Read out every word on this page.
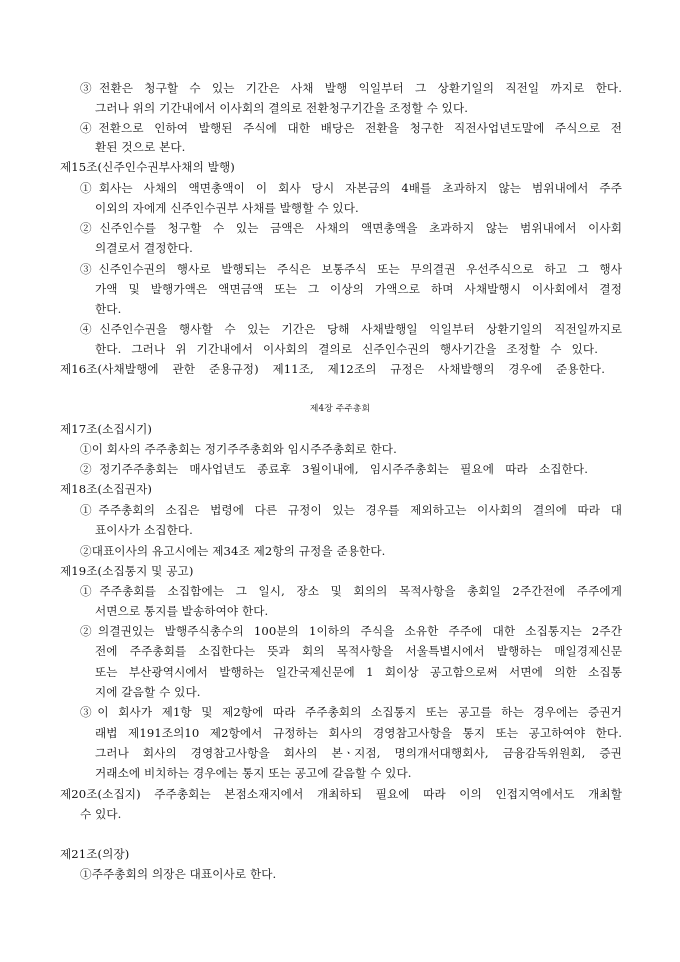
③전환은 청구할 수 있는 기간은 사채 발행 익일부터 그 상환기일의 직전일 까지로 한다.
그러나 위의 기간내에서 이사회의 결의로 전환청구기간을 조정할 수 있다.
④전환으로 인하여 발행된 주식에 대한 배당은 전환을 청구한 직전사업년도말에 주식으로 전
환된 것으로 본다.
제15조(신주인수권부사채의 발행)
①회사는 사채의 액면총액이 이 회사 당시 자본금의 4배를 초과하지 않는 범위내에서 주주
이외의 자에게 신주인수권부 사채를 발행할 수 있다.
②신주인수를 청구할 수 있는 금액은 사채의 액면총액을 초과하지 않는 범위내에서 이사회
의결로서 결정한다.
③신주인수권의 행사로 발행되는 주식은 보통주식 또는 무의결권 우선주식으로 하고 그 행사
가액 및 발행가액은 액면금액 또는 그 이상의 가액으로 하며 사채발행시 이사회에서 결정
한다.
④신주인수권을 행사할 수 있는 기간은 당해 사채발행일 익일부터 상환기일의 직전일까지로
한다. 그러나 위 기간내에서 이사회의 결의로 신주인수권의 행사기간을 조정할 수 있다.
제16조(사채발행에 관한 준용규정) 제11조, 제12조의 규정은 사채발행의 경우에 준용한다.
제4장 주주총회
제17조(소집시기)
①이 회사의 주주총회는 정기주주총회와 임시주주총회로 한다.
②정기주주총회는 매사업년도 종료후 3월이내에, 임시주주총회는 필요에 따라 소집한다.
제18조(소집권자)
①주주총회의 소집은 법령에 다른 규정이 있는 경우를 제외하고는 이사회의 결의에 따라 대
표이사가 소집한다.
②대표이사의 유고시에는 제34조 제2항의 규정을 준용한다.
제19조(소집통지 및 공고)
①주주총회를 소집함에는 그 일시, 장소 및 회의의 목적사항을 총회일 2주간전에 주주에게
서면으로 통지를 발송하여야 한다.
②의결권있는 발행주식총수의 100분의 1이하의 주식을 소유한 주주에 대한 소집통지는 2주간
전에 주주총회를 소집한다는 뜻과 회의 목적사항을 서울특별시에서 발행하는 매일경제신문
또는 부산광역시에서 발행하는 일간국제신문에 1 회이상 공고함으로써 서면에 의한 소집통
지에 갈음할 수 있다.
③이 회사가 제1항 및 제2항에 따라 주주총회의 소집통지 또는 공고를 하는 경우에는 증권거
래법 제191조의10 제2항에서 규정하는 회사의 경영참고사항을 통지 또는 공고하여야 한다.
그러나 회사의 경영참고사항을 회사의 본ㆍ지점, 명의개서대행회사, 금융감독위원회, 증권
거래소에 비치하는 경우에는 통지 또는 공고에 갈음할 수 있다.
제20조(소집지) 주주총회는 본점소재지에서 개최하되 필요에 따라 이의 인접지역에서도 개최할
수 있다.
제21조(의장)
①주주총회의 의장은 대표이사로 한다.
